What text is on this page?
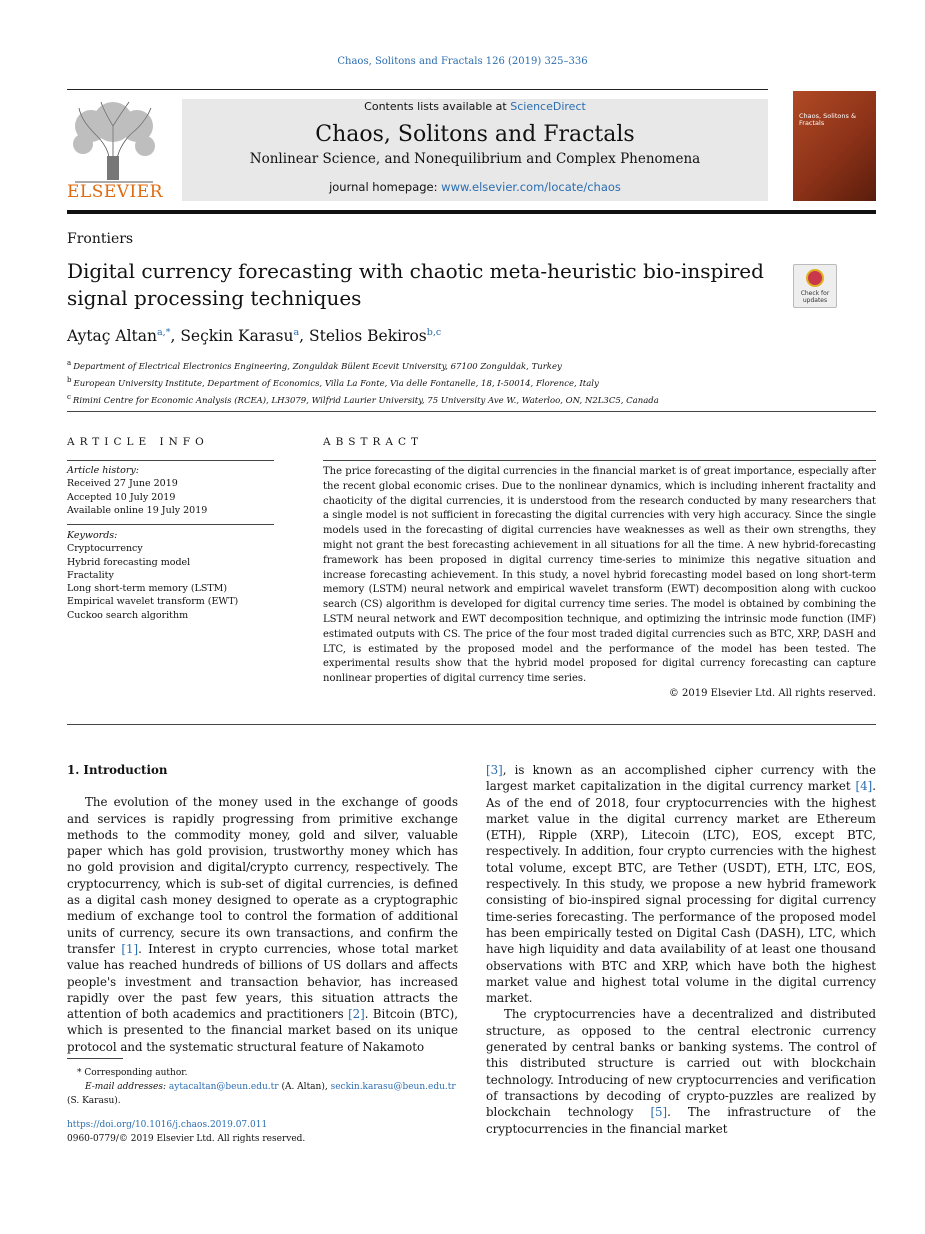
Chaos, Solitons and Fractals 126 (2019) 325–336
ELSEVIER
Contents lists available at ScienceDirect
Chaos, Solitons and Fractals
Nonlinear Science, and Nonequilibrium and Complex Phenomena
journal homepage: www.elsevier.com/locate/chaos
Chaos, Solitons & Fractals
Frontiers
Digital currency forecasting with chaotic meta-heuristic bio-inspired signal processing techniques	Check for updates
Aytaç Altan$^{a,*}$, Seçkin Karasu$^a$, Stelios Bekiros$^{b,c}$
$^a$ Department of Electrical Electronics Engineering, Zonguldak Bülent Ecevit University, 67100 Zonguldak, Turkey
$^b$ European University Institute, Department of Economics, Villa La Fonte, Via delle Fontanelle, 18, I-50014, Florence, Italy
$^c$ Rimini Centre for Economic Analysis (RCEA), LH3079, Wilfrid Laurier University, 75 University Ave W., Waterloo, ON, N2L3C5, Canada
ARTICLE INFO	ABSTRACT
Article history:
Received 27 June 2019
Accepted 10 July 2019
Available online 19 July 2019
Keywords:
Cryptocurrency
Hybrid forecasting model
Fractality
Long short-term memory (LSTM)
Empirical wavelet transform (EWT)
Cuckoo search algorithm
The price forecasting of the digital currencies in the financial market is of great importance, especially after the recent global economic crises. Due to the nonlinear dynamics, which is including inherent fractality and chaoticity of the digital currencies, it is understood from the research conducted by many researchers that a single model is not sufficient in forecasting the digital currencies with very high accuracy. Since the single models used in the forecasting of digital currencies have weaknesses as well as their own strengths, they might not grant the best forecasting achievement in all situations for all the time. A new hybrid-forecasting framework has been proposed in digital currency time-series to minimize this negative situation and increase forecasting achievement. In this study, a novel hybrid forecasting model based on long short-term memory (LSTM) neural network and empirical wavelet transform (EWT) decomposition along with cuckoo search (CS) algorithm is developed for digital currency time series. The model is obtained by combining the LSTM neural network and EWT decomposition technique, and optimizing the intrinsic mode function (IMF) estimated outputs with CS. The price of the four most traded digital currencies such as BTC, XRP, DASH and LTC, is estimated by the proposed model and the performance of the model has been tested. The experimental results show that the hybrid model proposed for digital currency forecasting can capture nonlinear properties of digital currency time series.
© 2019 Elsevier Ltd. All rights reserved.

1. Introduction

The evolution of the money used in the exchange of goods and services is rapidly progressing from primitive exchange methods to the commodity money, gold and silver, valuable paper which has gold provision, trustworthy money which has no gold provision and digital/crypto currency, respectively. The cryptocurrency, which is sub-set of digital currencies, is defined as a digital cash money designed to operate as a cryptographic medium of exchange tool to control the formation of additional units of currency, secure its own transactions, and confirm the transfer [1]. Interest in crypto currencies, whose total market value has reached hundreds of billions of US dollars and affects people's investment and transaction behavior, has increased rapidly over the past few years, this situation attracts the attention of both academics and practitioners [2]. Bitcoin (BTC), which is presented to the financial market based on its unique protocol and the systematic structural feature of Nakamoto

[3], is known as an accomplished cipher currency with the largest market capitalization in the digital currency market [4]. As of the end of 2018, four cryptocurrencies with the highest market value in the digital currency market are Ethereum (ETH), Ripple (XRP), Litecoin (LTC), EOS, except BTC, respectively. In addition, four crypto currencies with the highest total volume, except BTC, are Tether (USDT), ETH, LTC, EOS, respectively. In this study, we propose a new hybrid framework consisting of bio-inspired signal processing for digital currency time-series forecasting. The performance of the proposed model has been empirically tested on Digital Cash (DASH), LTC, which have high liquidity and data availability of at least one thousand observations with BTC and XRP, which have both the highest market value and highest total volume in the digital currency market.

The cryptocurrencies have a decentralized and distributed structure, as opposed to the central electronic currency generated by central banks or banking systems. The control of this distributed structure is carried out with blockchain technology. Introducing of new cryptocurrencies and verification of transactions by decoding of crypto-puzzles are realized by blockchain technology [5]. The infrastructure of the cryptocurrencies in the financial market

* Corresponding author.
E-mail addresses: aytacaltan@beun.edu.tr (A. Altan), seckin.karasu@beun.edu.tr
(S. Karasu).
https://doi.org/10.1016/j.chaos.2019.07.011
0960-0779/© 2019 Elsevier Ltd. All rights reserved.
